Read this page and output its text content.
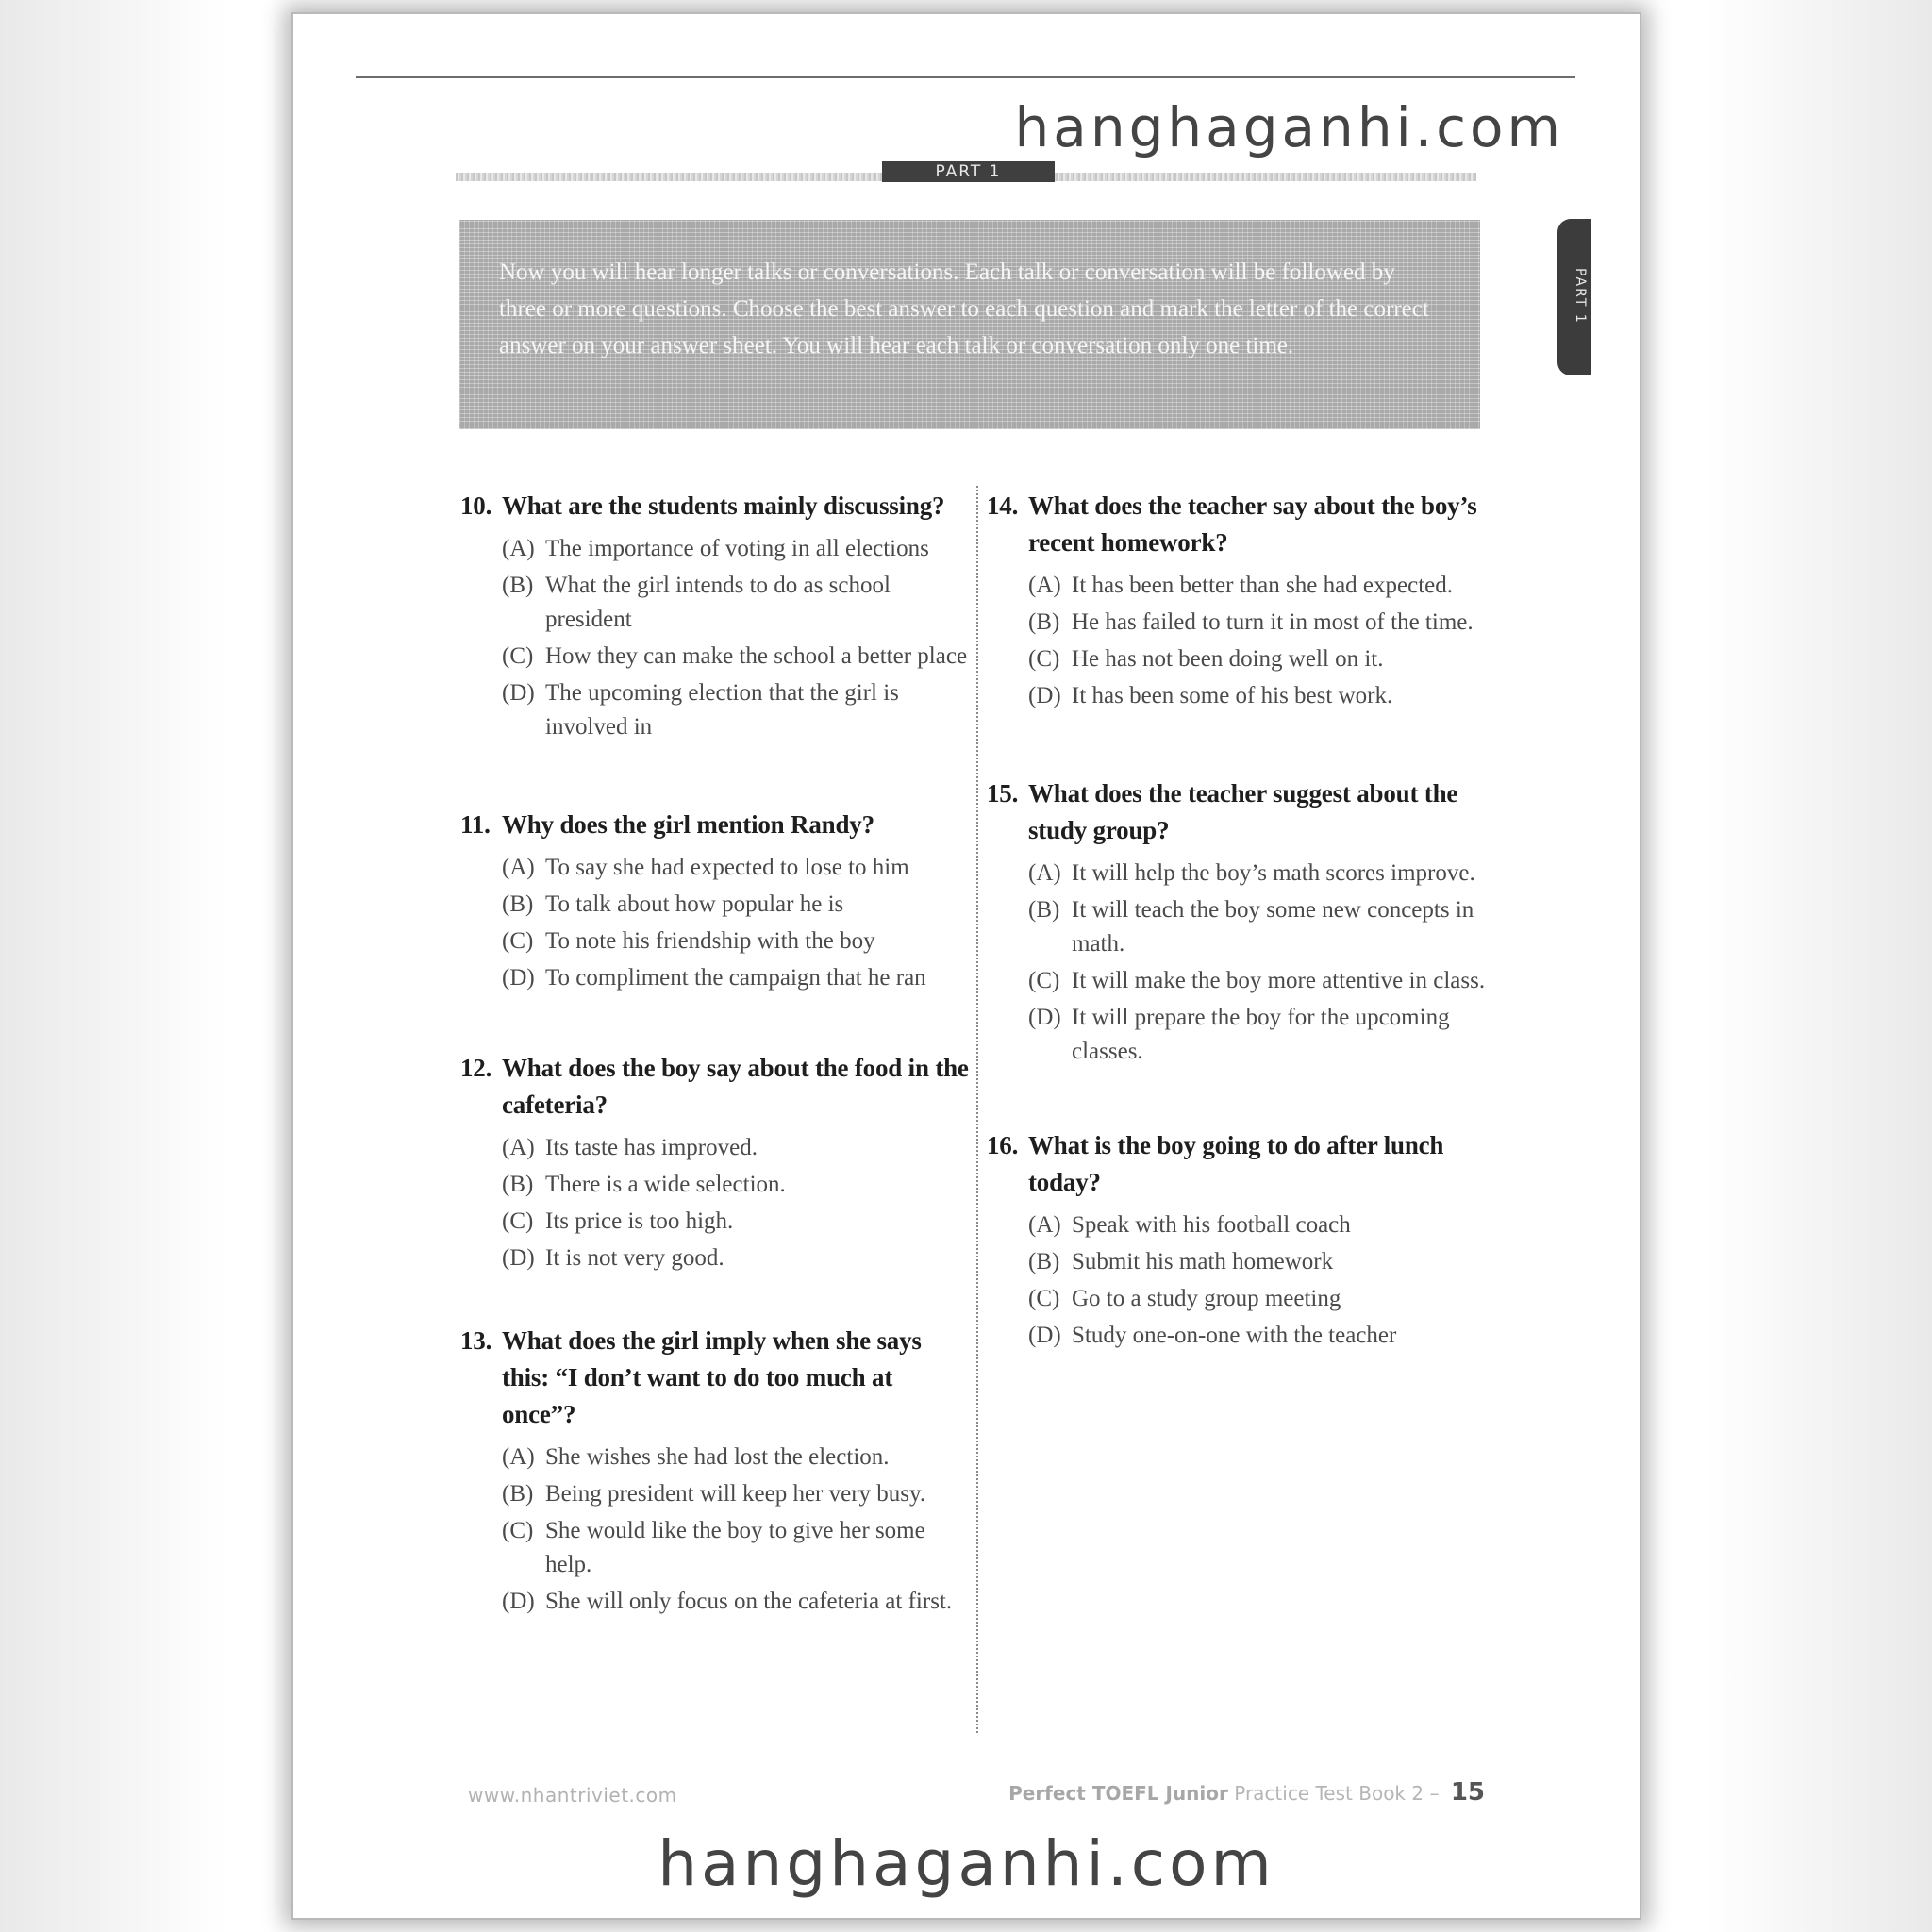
hanghaganhi.com
PART 1
PART 1

Now you will hear longer talks or conversations. Each talk or conversation will be followed by three or more questions. Choose the best answer to each question and mark the letter of the correct answer on your answer sheet. You will hear each talk or conversation only one time.

10. What are the students mainly discussing?
(A) The importance of voting in all elections
(B) What the girl intends to do as school president
(C) How they can make the school a better place
(D) The upcoming election that the girl is involved in
11. Why does the girl mention Randy?
(A) To say she had expected to lose to him
(B) To talk about how popular he is
(C) To note his friendship with the boy
(D) To compliment the campaign that he ran
12. What does the boy say about the food in the cafeteria?
(A) Its taste has improved.
(B) There is a wide selection.
(C) Its price is too high.
(D) It is not very good.
13. What does the girl imply when she says this: “I don’t want to do too much at once”?
(A) She wishes she had lost the election.
(B) Being president will keep her very busy.
(C) She would like the boy to give her some help.
(D) She will only focus on the cafeteria at first.
14. What does the teacher say about the boy’s recent homework?
(A) It has been better than she had expected.
(B) He has failed to turn it in most of the time.
(C) He has not been doing well on it.
(D) It has been some of his best work.
15. What does the teacher suggest about the study group?
(A) It will help the boy’s math scores improve.
(B) It will teach the boy some new concepts in math.
(C) It will make the boy more attentive in class.
(D) It will prepare the boy for the upcoming classes.
16. What is the boy going to do after lunch today?
(A) Speak with his football coach
(B) Submit his math homework
(C) Go to a study group meeting
(D) Study one-on-one with the teacher
www.nhantriviet.com	Perfect TOEFL Junior Practice Test Book 2 – 15
hanghaganhi.com
